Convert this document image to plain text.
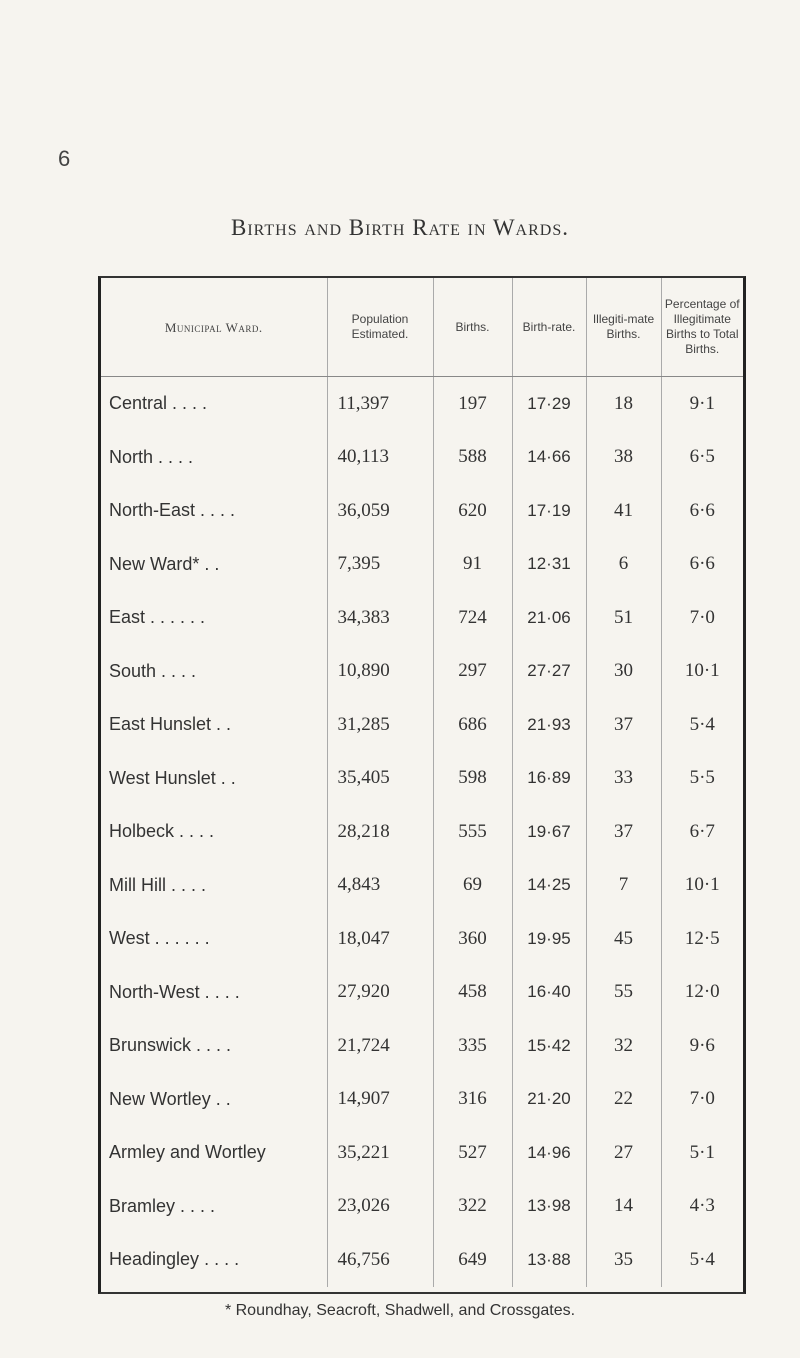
6
Births and Birth Rate in Wards.
Municipal Ward.	Population Estimated.	Births.	Birth-rate.	Illegiti-mate Births.	Percentage of Illegitimate Births to Total Births.
Central . . . .	11,397	197	17·29	18	9·1
North . . . .	40,113	588	14·66	38	6·5
North-East . . . .	36,059	620	17·19	41	6·6
New Ward* . .	7,395	91	12·31	6	6·6
East . . . . . .	34,383	724	21·06	51	7·0
South . . . .	10,890	297	27·27	30	10·1
East Hunslet . .	31,285	686	21·93	37	5·4
West Hunslet . .	35,405	598	16·89	33	5·5
Holbeck . . . .	28,218	555	19·67	37	6·7
Mill Hill . . . .	4,843	69	14·25	7	10·1
West . . . . . .	18,047	360	19·95	45	12·5
North-West . . . .	27,920	458	16·40	55	12·0
Brunswick . . . .	21,724	335	15·42	32	9·6
New Wortley . .	14,907	316	21·20	22	7·0
Armley and Wortley	35,221	527	14·96	27	5·1
Bramley . . . .	23,026	322	13·98	14	4·3
Headingley . . . .	46,756	649	13·88	35	5·4
* Roundhay, Seacroft, Shadwell, and Crossgates.
